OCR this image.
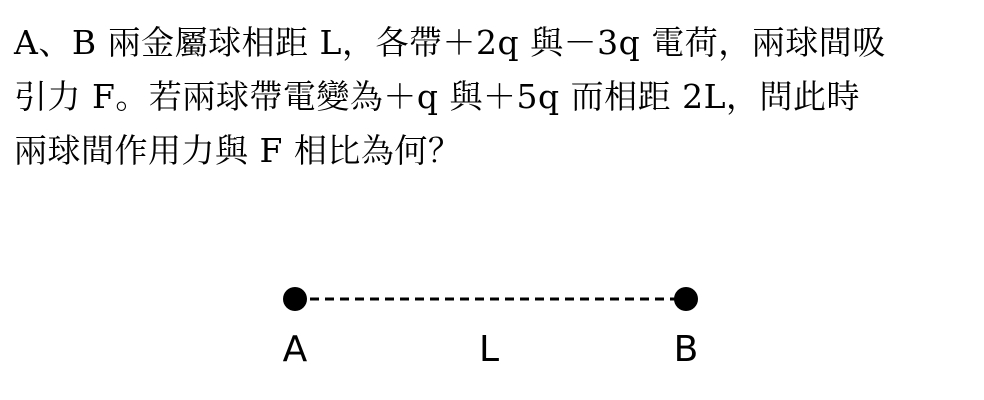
A、B 兩金屬球相距 L，各帶＋2q 與－3q 電荷，兩球間吸
引力 F。若兩球帶電變為＋q 與＋5q 而相距 2L，問此時
兩球間作用力與 F 相比為何？
A	L	B
